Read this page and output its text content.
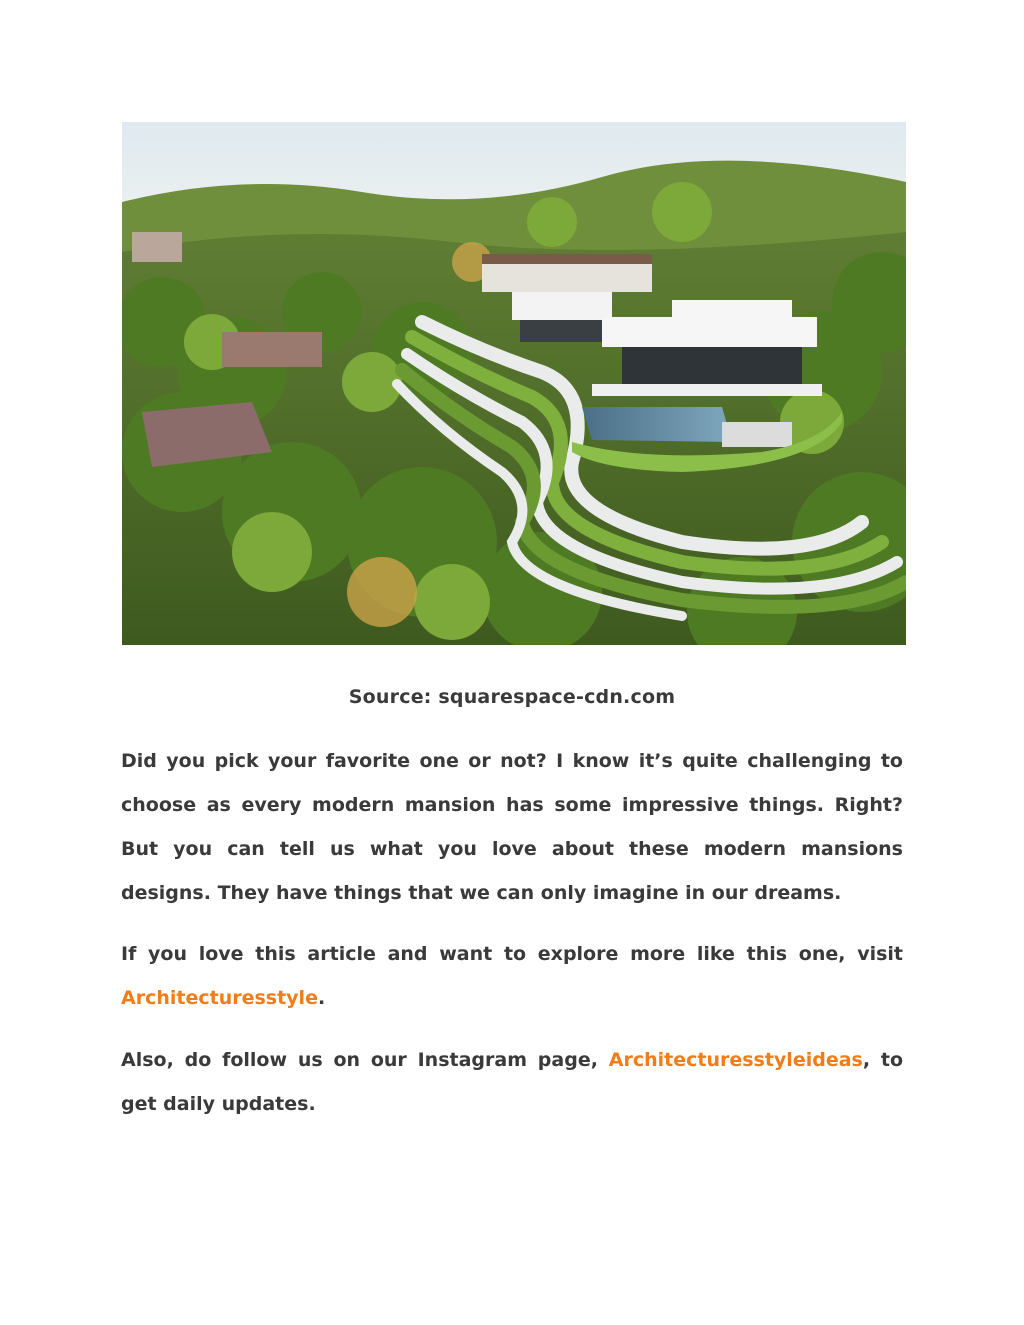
Source: squarespace-cdn.com

Did you pick your favorite one or not? I know it’s quite challenging to choose as every modern mansion has some impressive things. Right? But you can tell us what you love about these modern mansions designs. They have things that we can only imagine in our dreams.

If you love this article and want to explore more like this one, visit Architecturesstyle.

Also, do follow us on our Instagram page, Architecturesstyleideas, to get daily updates.
